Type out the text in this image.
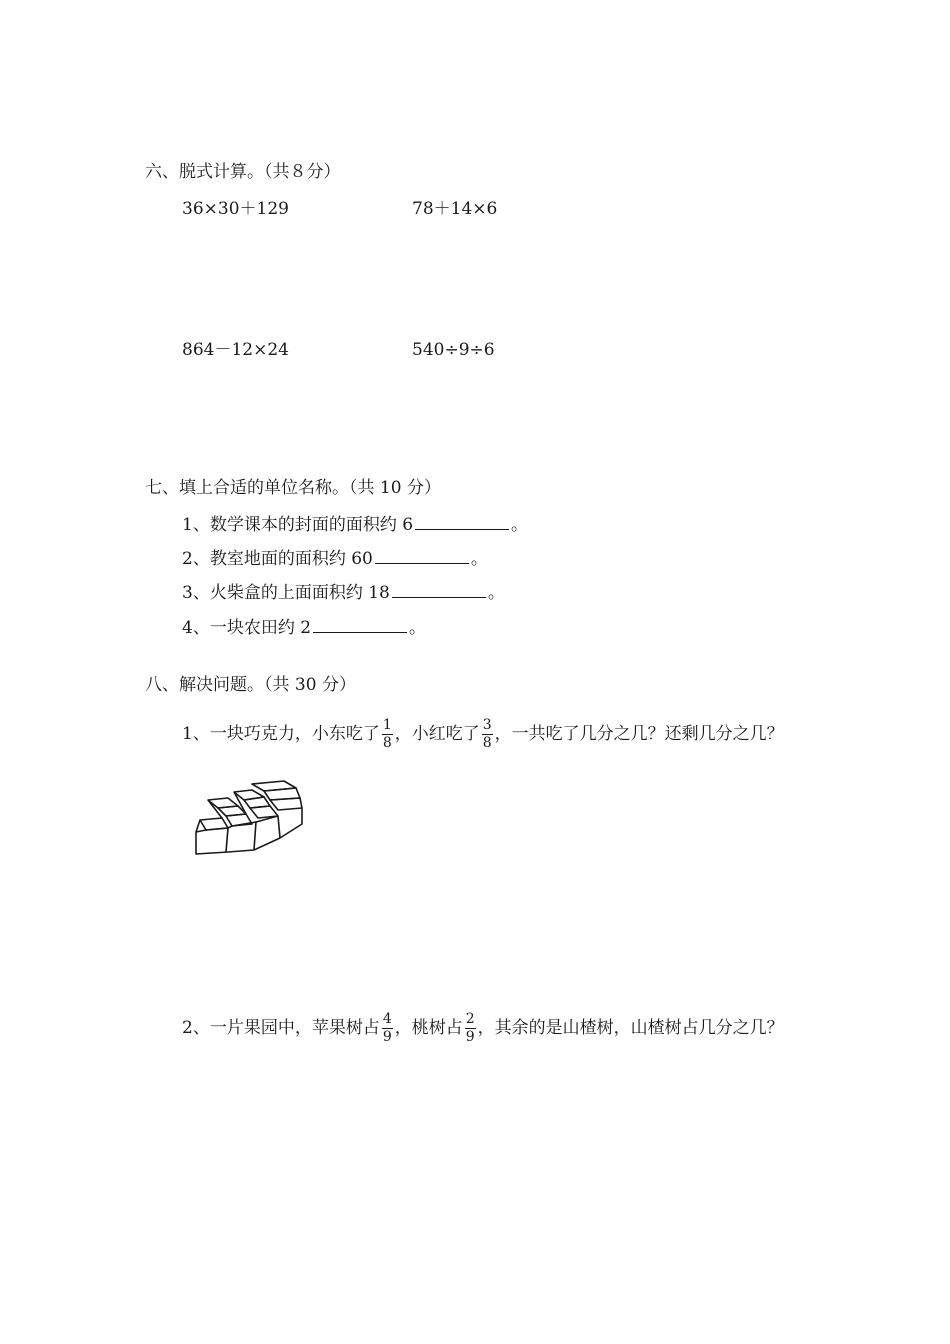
六、脱式计算。（共８分）
36×30＋129	78＋14×6
864－12×24	540÷9÷6
七、填上合适的单位名称。（共 10 分）
1、数学课本的封面的面积约 6	。
2、教室地面的面积约 60	。
3、火柴盒的上面面积约 18	。
4、一块农田约 2	。
八、解决问题。（共 30 分）
1、一块巧克力，小东吃了 $\frac{1}{8}$ ，小红吃了 $\frac{3}{8}$ ，一共吃了几分之几？还剩几分之几？
2、一片果园中，苹果树占 $\frac{4}{9}$ ，桃树占 $\frac{2}{9}$ ，其余的是山楂树，山楂树占几分之几？
